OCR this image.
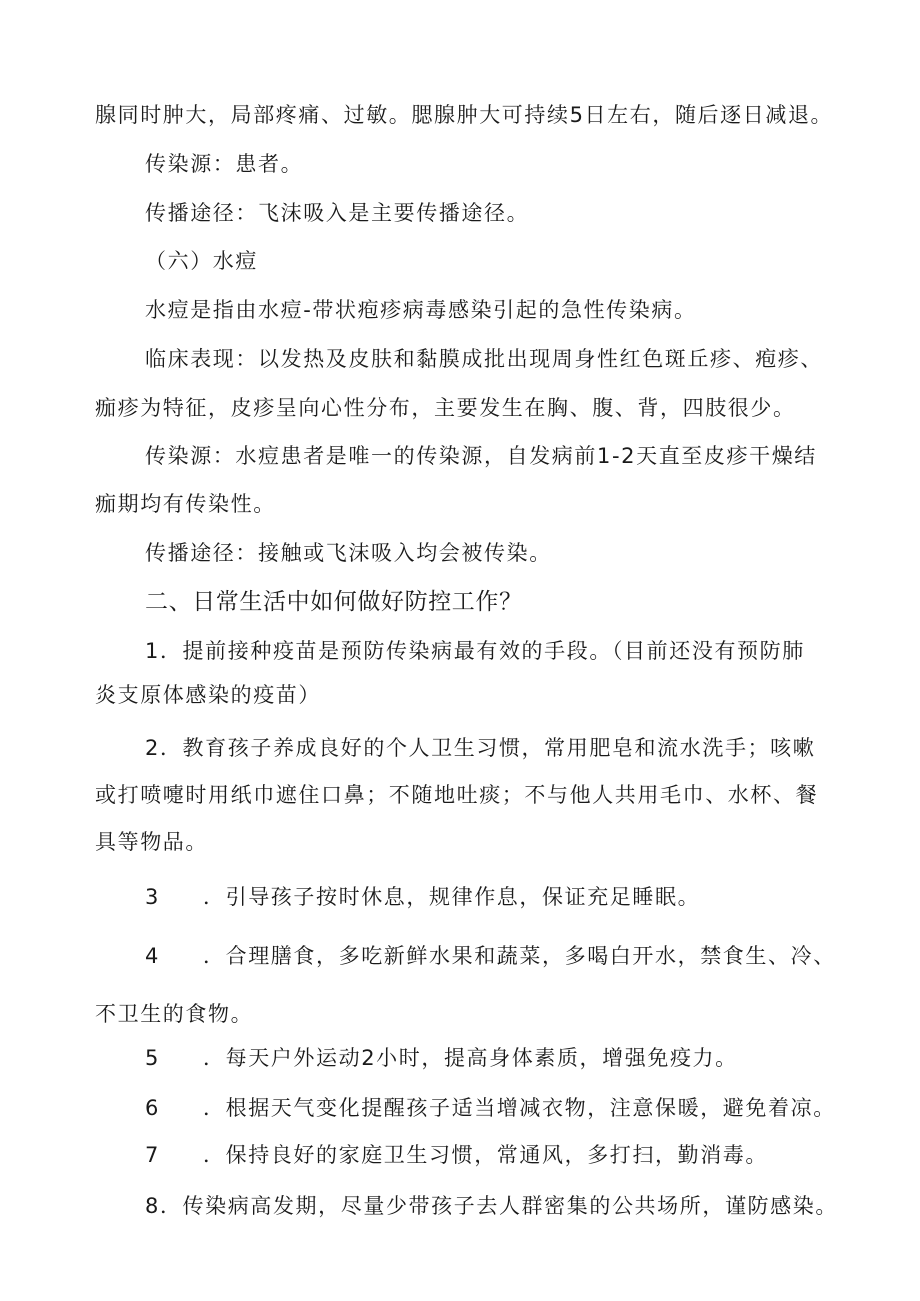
腺同时肿大，局部疼痛、过敏。腮腺肿大可持续5日左右，随后逐日减退。

传染源：患者。

传播途径：飞沫吸入是主要传播途径。

（六）水痘

水痘是指由水痘-带状疱疹病毒感染引起的急性传染病。

临床表现：以发热及皮肤和黏膜成批出现周身性红色斑丘疹、疱疹、

痂疹为特征，皮疹呈向心性分布，主要发生在胸、腹、背，四肢很少。

传染源：水痘患者是唯一的传染源，自发病前1-2天直至皮疹干燥结

痂期均有传染性。

传播途径：接触或飞沫吸入均会被传染。

二、日常生活中如何做好防控工作？

1．提前接种疫苗是预防传染病最有效的手段。（目前还没有预防肺

炎支原体感染的疫苗）

2．教育孩子养成良好的个人卫生习惯，常用肥皂和流水洗手；咳嗽

或打喷嚏时用纸巾遮住口鼻；不随地吐痰；不与他人共用毛巾、水杯、餐

具等物品。

3 ．引导孩子按时休息，规律作息，保证充足睡眠。

4 ．合理膳食，多吃新鲜水果和蔬菜，多喝白开水，禁食生、冷、

不卫生的食物。

5 ．每天户外运动2小时，提高身体素质，增强免疫力。

6 ．根据天气变化提醒孩子适当增减衣物，注意保暖，避免着凉。

7 ．保持良好的家庭卫生习惯，常通风，多打扫，勤消毒。

8．传染病高发期，尽量少带孩子去人群密集的公共场所，谨防感染。
